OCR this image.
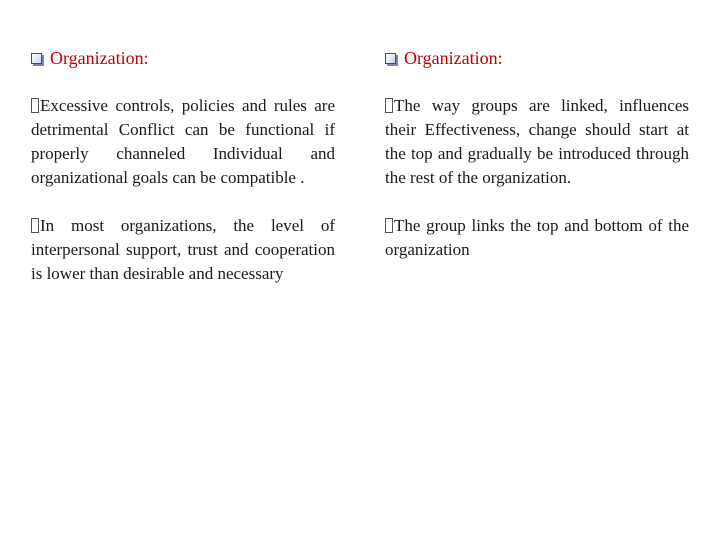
Organization:

Excessive controls, policies and rules are detrimental Conflict can be functional if properly channeled Individual and organizational goals can be compatible .

In most organizations, the level of interpersonal support, trust and cooperation is lower than desirable and necessary

Organization:

The way groups are linked, influences their Effectiveness, change should start at the top and gradually be introduced through the rest of the organization.

The group links the top and bottom of the organization
